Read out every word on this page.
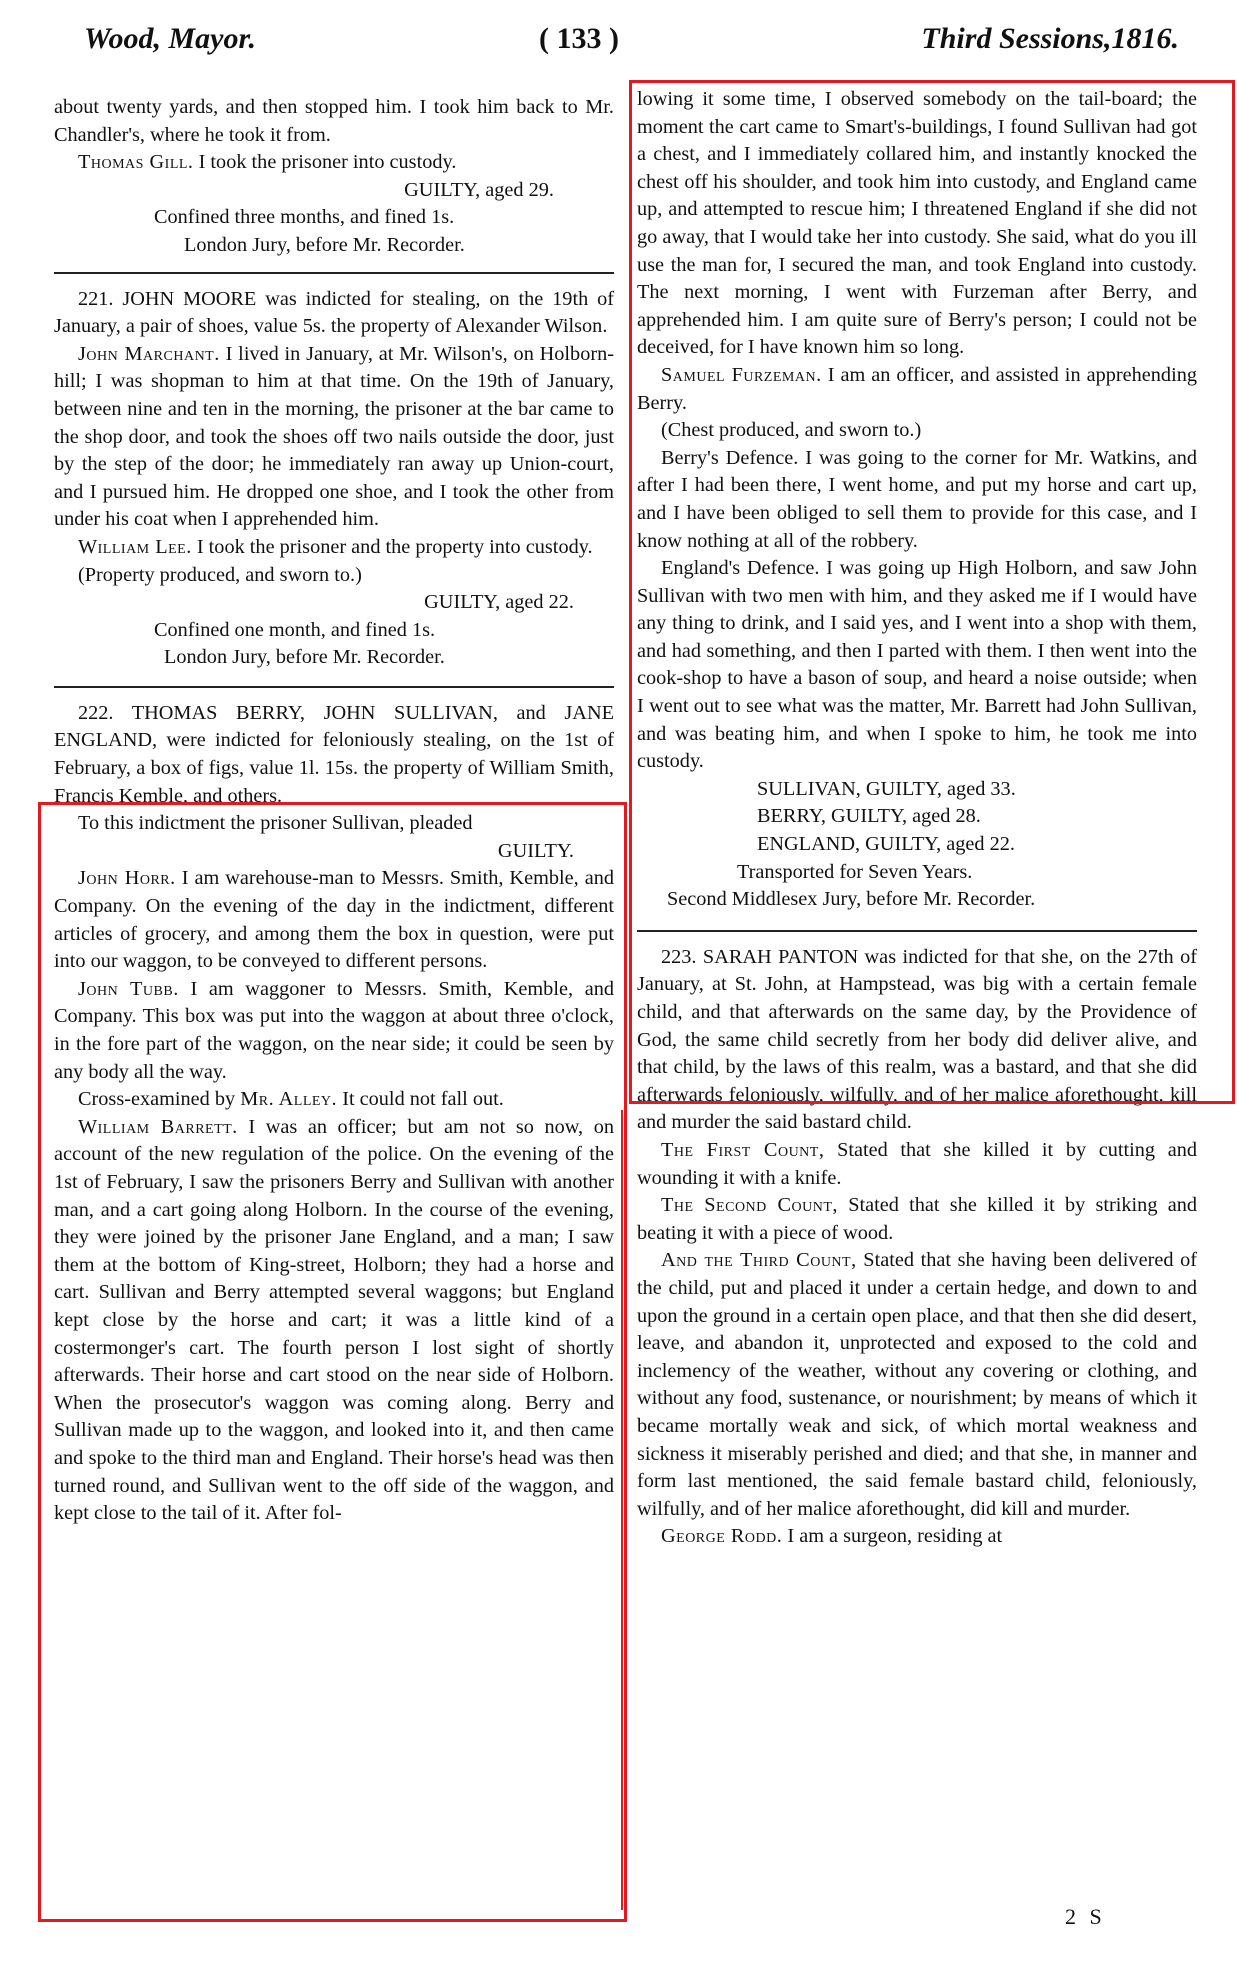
Wood, Mayor.	( 133 )	Third Sessions,1816.

about twenty yards, and then stopped him. I took him back to Mr. Chandler's, where he took it from.

Thomas Gill. I took the prisoner into custody.

GUILTY, aged 29.

Confined three months, and fined 1s.

London Jury, before Mr. Recorder.

221. JOHN MOORE was indicted for stealing, on the 19th of January, a pair of shoes, value 5s. the property of Alexander Wilson.

John Marchant. I lived in January, at Mr. Wilson's, on Holborn-hill; I was shopman to him at that time. On the 19th of January, between nine and ten in the morning, the prisoner at the bar came to the shop door, and took the shoes off two nails outside the door, just by the step of the door; he immediately ran away up Union-court, and I pursued him. He dropped one shoe, and I took the other from under his coat when I apprehended him.

William Lee. I took the prisoner and the property into custody.

(Property produced, and sworn to.)

GUILTY, aged 22.

Confined one month, and fined 1s.

London Jury, before Mr. Recorder.

222. THOMAS BERRY, JOHN SULLIVAN, and JANE ENGLAND, were indicted for feloniously stealing, on the 1st of February, a box of figs, value 1l. 15s. the property of William Smith, Francis Kemble, and others.

To this indictment the prisoner Sullivan, pleaded

GUILTY.

John Horr. I am warehouse-man to Messrs. Smith, Kemble, and Company. On the evening of the day in the indictment, different articles of grocery, and among them the box in question, were put into our waggon, to be conveyed to different persons.

John Tubb. I am waggoner to Messrs. Smith, Kemble, and Company. This box was put into the waggon at about three o'clock, in the fore part of the waggon, on the near side; it could be seen by any body all the way.

Cross-examined by Mr. Alley. It could not fall out.

William Barrett. I was an officer; but am not so now, on account of the new regulation of the police. On the evening of the 1st of February, I saw the prisoners Berry and Sullivan with another man, and a cart going along Holborn. In the course of the evening, they were joined by the prisoner Jane England, and a man; I saw them at the bottom of King-street, Holborn; they had a horse and cart. Sullivan and Berry attempted several waggons; but England kept close by the horse and cart; it was a little kind of a costermonger's cart. The fourth person I lost sight of shortly afterwards. Their horse and cart stood on the near side of Holborn. When the prosecutor's waggon was coming along. Berry and Sullivan made up to the waggon, and looked into it, and then came and spoke to the third man and England. Their horse's head was then turned round, and Sullivan went to the off side of the waggon, and kept close to the tail of it. After fol-

lowing it some time, I observed somebody on the tail-board; the moment the cart came to Smart's-buildings, I found Sullivan had got a chest, and I immediately collared him, and instantly knocked the chest off his shoulder, and took him into custody, and England came up, and attempted to rescue him; I threatened England if she did not go away, that I would take her into custody. She said, what do you ill use the man for, I secured the man, and took England into custody. The next morning, I went with Furzeman after Berry, and apprehended him. I am quite sure of Berry's person; I could not be deceived, for I have known him so long.

Samuel Furzeman. I am an officer, and assisted in apprehending Berry.

(Chest produced, and sworn to.)

Berry's Defence. I was going to the corner for Mr. Watkins, and after I had been there, I went home, and put my horse and cart up, and I have been obliged to sell them to provide for this case, and I know nothing at all of the robbery.

England's Defence. I was going up High Holborn, and saw John Sullivan with two men with him, and they asked me if I would have any thing to drink, and I said yes, and I went into a shop with them, and had something, and then I parted with them. I then went into the cook-shop to have a bason of soup, and heard a noise outside; when I went out to see what was the matter, Mr. Barrett had John Sullivan, and was beating him, and when I spoke to him, he took me into custody.

SULLIVAN, GUILTY, aged 33.

BERRY, GUILTY, aged 28.

ENGLAND, GUILTY, aged 22.

Transported for Seven Years.

Second Middlesex Jury, before Mr. Recorder.

223. SARAH PANTON was indicted for that she, on the 27th of January, at St. John, at Hampstead, was big with a certain female child, and that afterwards on the same day, by the Providence of God, the same child secretly from her body did deliver alive, and that child, by the laws of this realm, was a bastard, and that she did afterwards feloniously, wilfully, and of her malice aforethought, kill and murder the said bastard child.

The First Count, Stated that she killed it by cutting and wounding it with a knife.

The Second Count, Stated that she killed it by striking and beating it with a piece of wood.

And the Third Count, Stated that she having been delivered of the child, put and placed it under a certain hedge, and down to and upon the ground in a certain open place, and that then she did desert, leave, and abandon it, unprotected and exposed to the cold and inclemency of the weather, without any covering or clothing, and without any food, sustenance, or nourishment; by means of which it became mortally weak and sick, of which mortal weakness and sickness it miserably perished and died; and that she, in manner and form last mentioned, the said female bastard child, feloniously, wilfully, and of her malice aforethought, did kill and murder.

George Rodd. I am a surgeon, residing at

2 S
